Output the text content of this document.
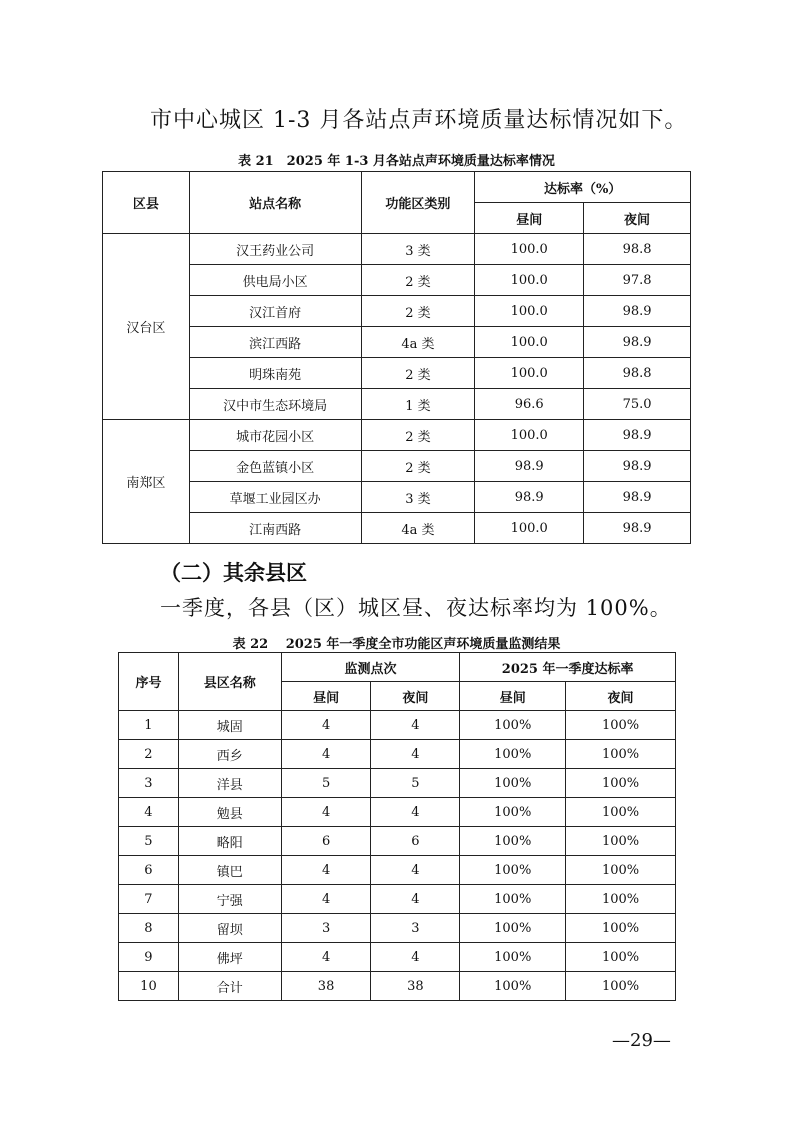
市中心城区 1-3 月各站点声环境质量达标情况如下。
表 21　2025 年 1-3 月各站点声环境质量达标率情况
区县	站点名称	功能区类别	达标率（%）	
			昼间	夜间
汉台区	汉王药业公司	3 类	100.0	98.8
	供电局小区	2 类	100.0	97.8
	汉江首府	2 类	100.0	98.9
	滨江西路	4a 类	100.0	98.9
	明珠南苑	2 类	100.0	98.8
	汉中市生态环境局	1 类	96.6	75.0
南郑区	城市花园小区	2 类	100.0	98.9
	金色蓝镇小区	2 类	98.9	98.9
	草堰工业园区办	3 类	98.9	98.9
	江南西路	4a 类	100.0	98.9
（二）其余县区
一季度，各县（区）城区昼、夜达标率均为 100%。
表 22　 2025 年一季度全市功能区声环境质量监测结果
序号	县区名称	监测点次		2025 年一季度达标率	
		昼间	夜间	昼间	夜间
1	城固	4	4	100%	100%
2	西乡	4	4	100%	100%
3	洋县	5	5	100%	100%
4	勉县	4	4	100%	100%
5	略阳	6	6	100%	100%
6	镇巴	4	4	100%	100%
7	宁强	4	4	100%	100%
8	留坝	3	3	100%	100%
9	佛坪	4	4	100%	100%
10	合计	38	38	100%	100%
—29—
